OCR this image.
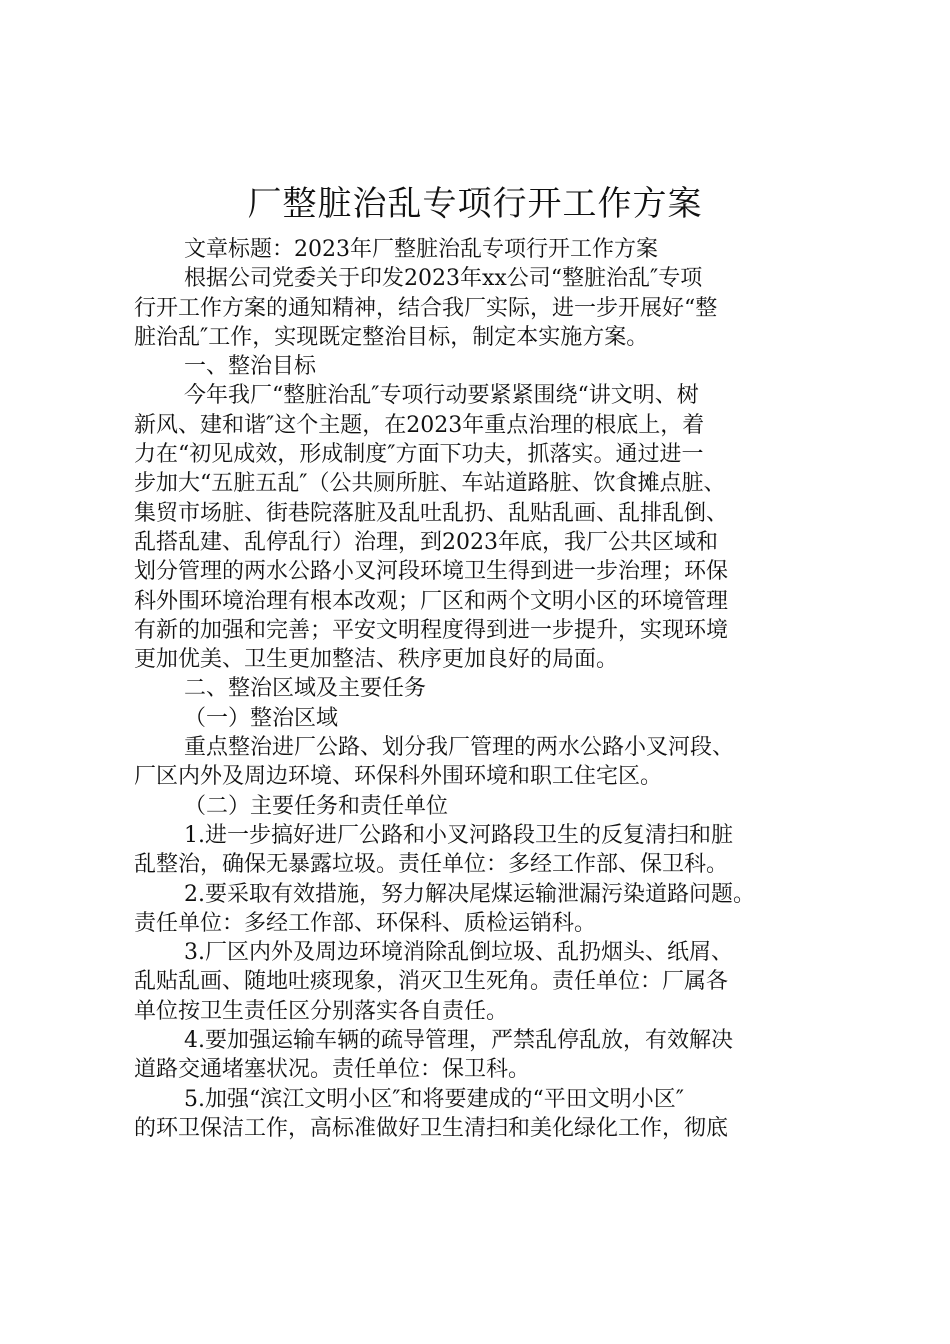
厂整脏治乱专项行开工作方案
文章标题：2023年厂整脏治乱专项行开工作方案
根据公司党委关于印发2023年xx公司“整脏治乱″专项
行开工作方案的通知精神，结合我厂实际，进一步开展好“整
脏治乱″工作，实现既定整治目标，制定本实施方案。
一、整治目标
今年我厂“整脏治乱″专项行动要紧紧围绕“讲文明、树
新风、建和谐″这个主题，在2023年重点治理的根底上，着
力在“初见成效，形成制度″方面下功夫，抓落实。通过进一
步加大“五脏五乱″（公共厕所脏、车站道路脏、饮食摊点脏、
集贸市场脏、街巷院落脏及乱吐乱扔、乱贴乱画、乱排乱倒、
乱搭乱建、乱停乱行）治理，到2023年底，我厂公共区域和
划分管理的两水公路小叉河段环境卫生得到进一步治理；环保
科外围环境治理有根本改观；厂区和两个文明小区的环境管理
有新的加强和完善；平安文明程度得到进一步提升，实现环境
更加优美、卫生更加整洁、秩序更加良好的局面。
二、整治区域及主要任务
（一）整治区域
重点整治进厂公路、划分我厂管理的两水公路小叉河段、
厂区内外及周边环境、环保科外围环境和职工住宅区。
（二）主要任务和责任单位
1.进一步搞好进厂公路和小叉河路段卫生的反复清扫和脏
乱整治，确保无暴露垃圾。责任单位：多经工作部、保卫科。
2.要采取有效措施，努力解决尾煤运输泄漏污染道路问题。
责任单位：多经工作部、环保科、质检运销科。
3.厂区内外及周边环境消除乱倒垃圾、乱扔烟头、纸屑、
乱贴乱画、随地吐痰现象，消灭卫生死角。责任单位：厂属各
单位按卫生责任区分别落实各自责任。
4.要加强运输车辆的疏导管理，严禁乱停乱放，有效解决
道路交通堵塞状况。责任单位：保卫科。
5.加强“滨江文明小区″和将要建成的“平田文明小区″
的环卫保洁工作，高标准做好卫生清扫和美化绿化工作，彻底
